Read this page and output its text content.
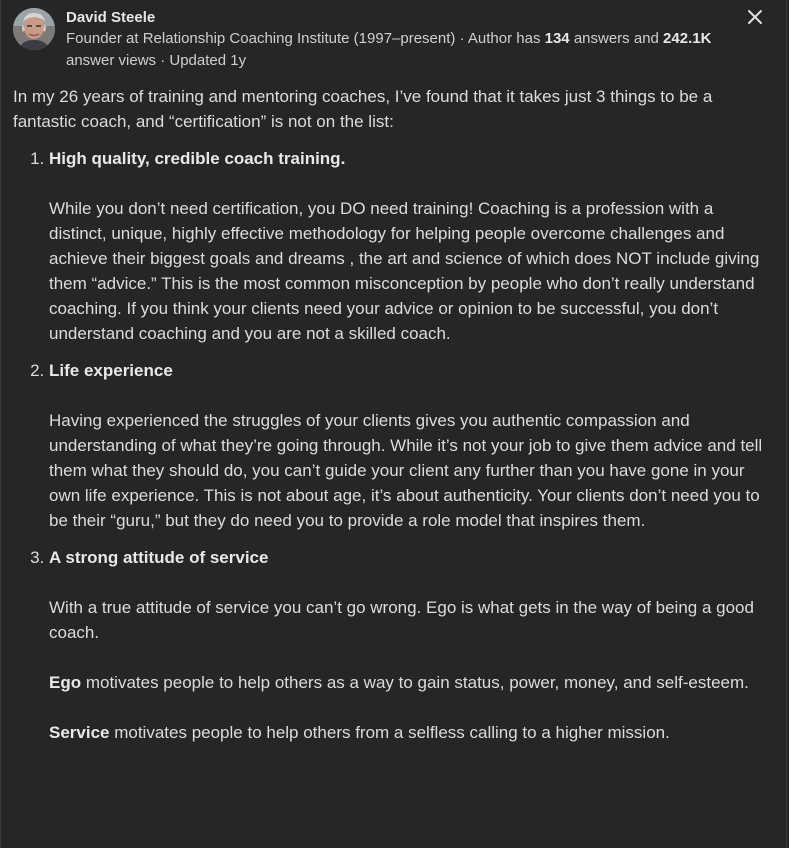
David Steele
Founder at Relationship Coaching Institute (1997–present) · Author has 134 answers and 242.1K answer views · Updated 1y

In my 26 years of training and mentoring coaches, I’ve found that it takes just 3 things to be a fantastic coach, and “certification” is not on the list:

1. High quality, credible coach training.
While you don’t need certification, you DO need training! Coaching is a profession with a distinct, unique, highly effective methodology for helping people overcome challenges and achieve their biggest goals and dreams , the art and science of which does NOT include giving them “advice.” This is the most common misconception by people who don’t really understand coaching. If you think your clients need your advice or opinion to be successful, you don’t understand coaching and you are not a skilled coach.
2. Life experience
Having experienced the struggles of your clients gives you authentic compassion and understanding of what they’re going through. While it’s not your job to give them advice and tell them what they should do, you can’t guide your client any further than you have gone in your own life experience. This is not about age, it’s about authenticity. Your clients don’t need you to be their “guru,” but they do need you to provide a role model that inspires them.
3. A strong attitude of service
With a true attitude of service you can’t go wrong. Ego is what gets in the way of being a good coach.
Ego motivates people to help others as a way to gain status, power, money, and self-esteem.
Service motivates people to help others from a selfless calling to a higher mission.
